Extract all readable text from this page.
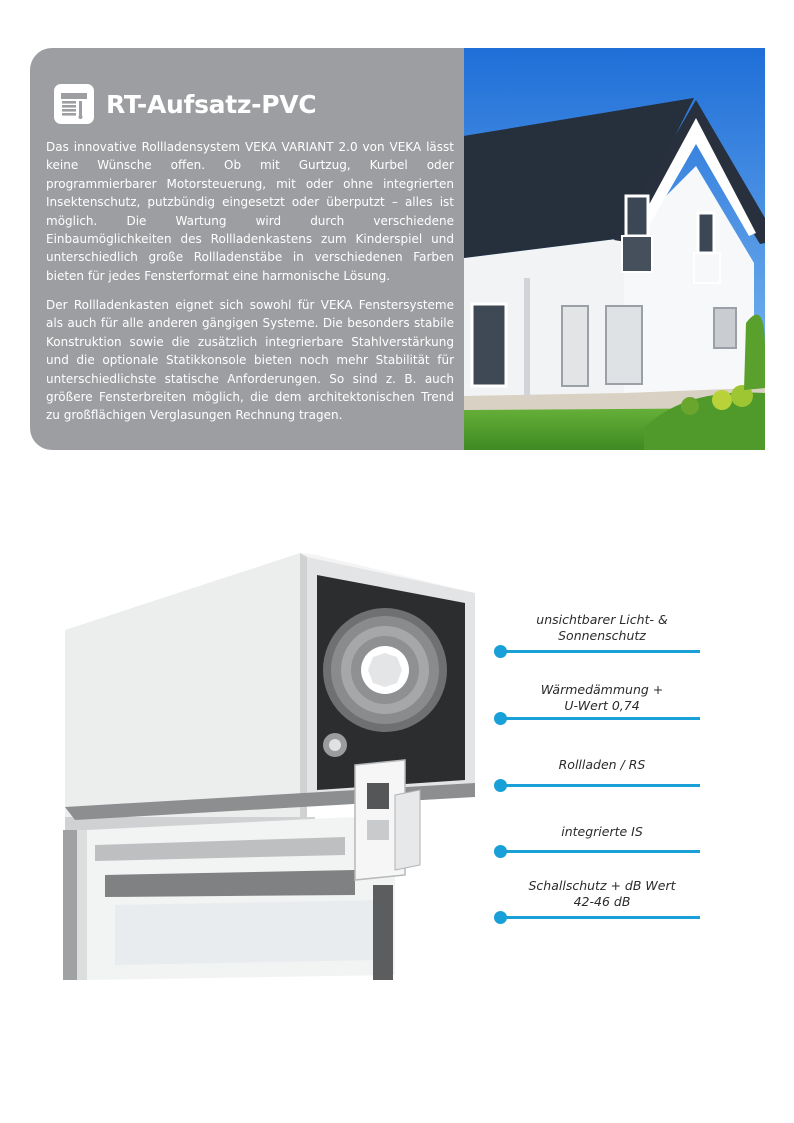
RT-Aufsatz-PVC

Das innovative Rollladensystem VEKA VARIANT 2.0 von VEKA lässt keine Wünsche offen. Ob mit Gurtzug, Kurbel oder programmierbarer Motorsteuerung, mit oder ohne integrierten Insektenschutz, putzbündig eingesetzt oder überputzt – alles ist möglich. Die Wartung wird durch verschiedene Einbaumöglichkeiten des Rollladenkastens zum Kinderspiel und unterschiedlich große Rollladenstäbe in verschiedenen Farben bieten für jedes Fensterformat eine harmonische Lösung.

Der Rollladenkasten eignet sich sowohl für VEKA Fenstersysteme als auch für alle anderen gängigen Systeme. Die besonders stabile Konstruktion sowie die zusätzlich integrierbare Stahlverstärkung und die optionale Statikkonsole bieten noch mehr Stabilität für unterschiedlichste statische Anforderungen. So sind z. B. auch größere Fensterbreiten möglich, die dem architektonischen Trend zu großflächigen Verglasungen Rechnung tragen.

unsichtbarer Licht- &
Sonnenschutz
Wärmedämmung +
U-Wert 0,74
Rollladen / RS
integrierte IS
Schallschutz + dB Wert
42-46 dB
